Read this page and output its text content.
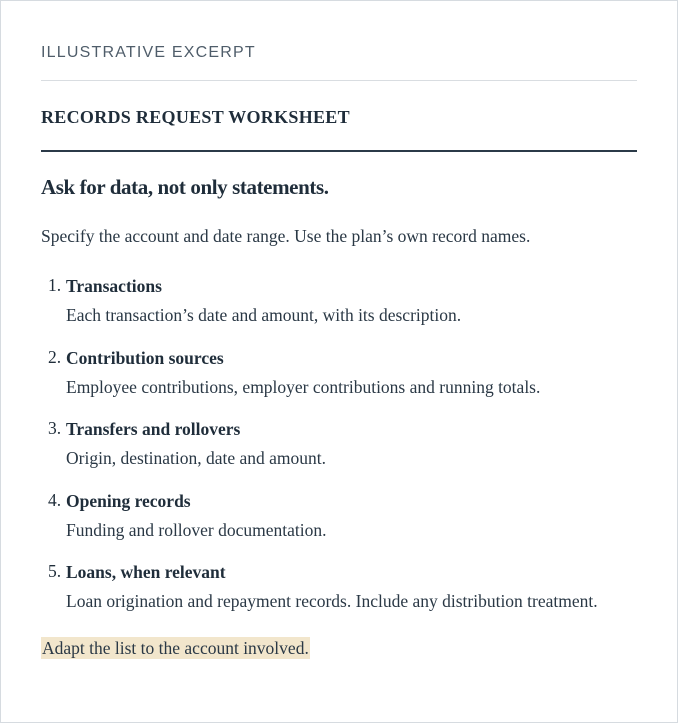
ILLUSTRATIVE EXCERPT

RECORDS REQUEST WORKSHEET
Ask for data, not only statements.

Specify the account and date range. Use the plan’s own record names.

1. Transactions
Each transaction’s date and amount, with its description.
2. Contribution sources
Employee contributions, employer contributions and running totals.
3. Transfers and rollovers
Origin, destination, date and amount.
4. Opening records
Funding and rollover documentation.
5. Loans, when relevant
Loan origination and repayment records. Include any distribution treatment.

Adapt the list to the account involved.
